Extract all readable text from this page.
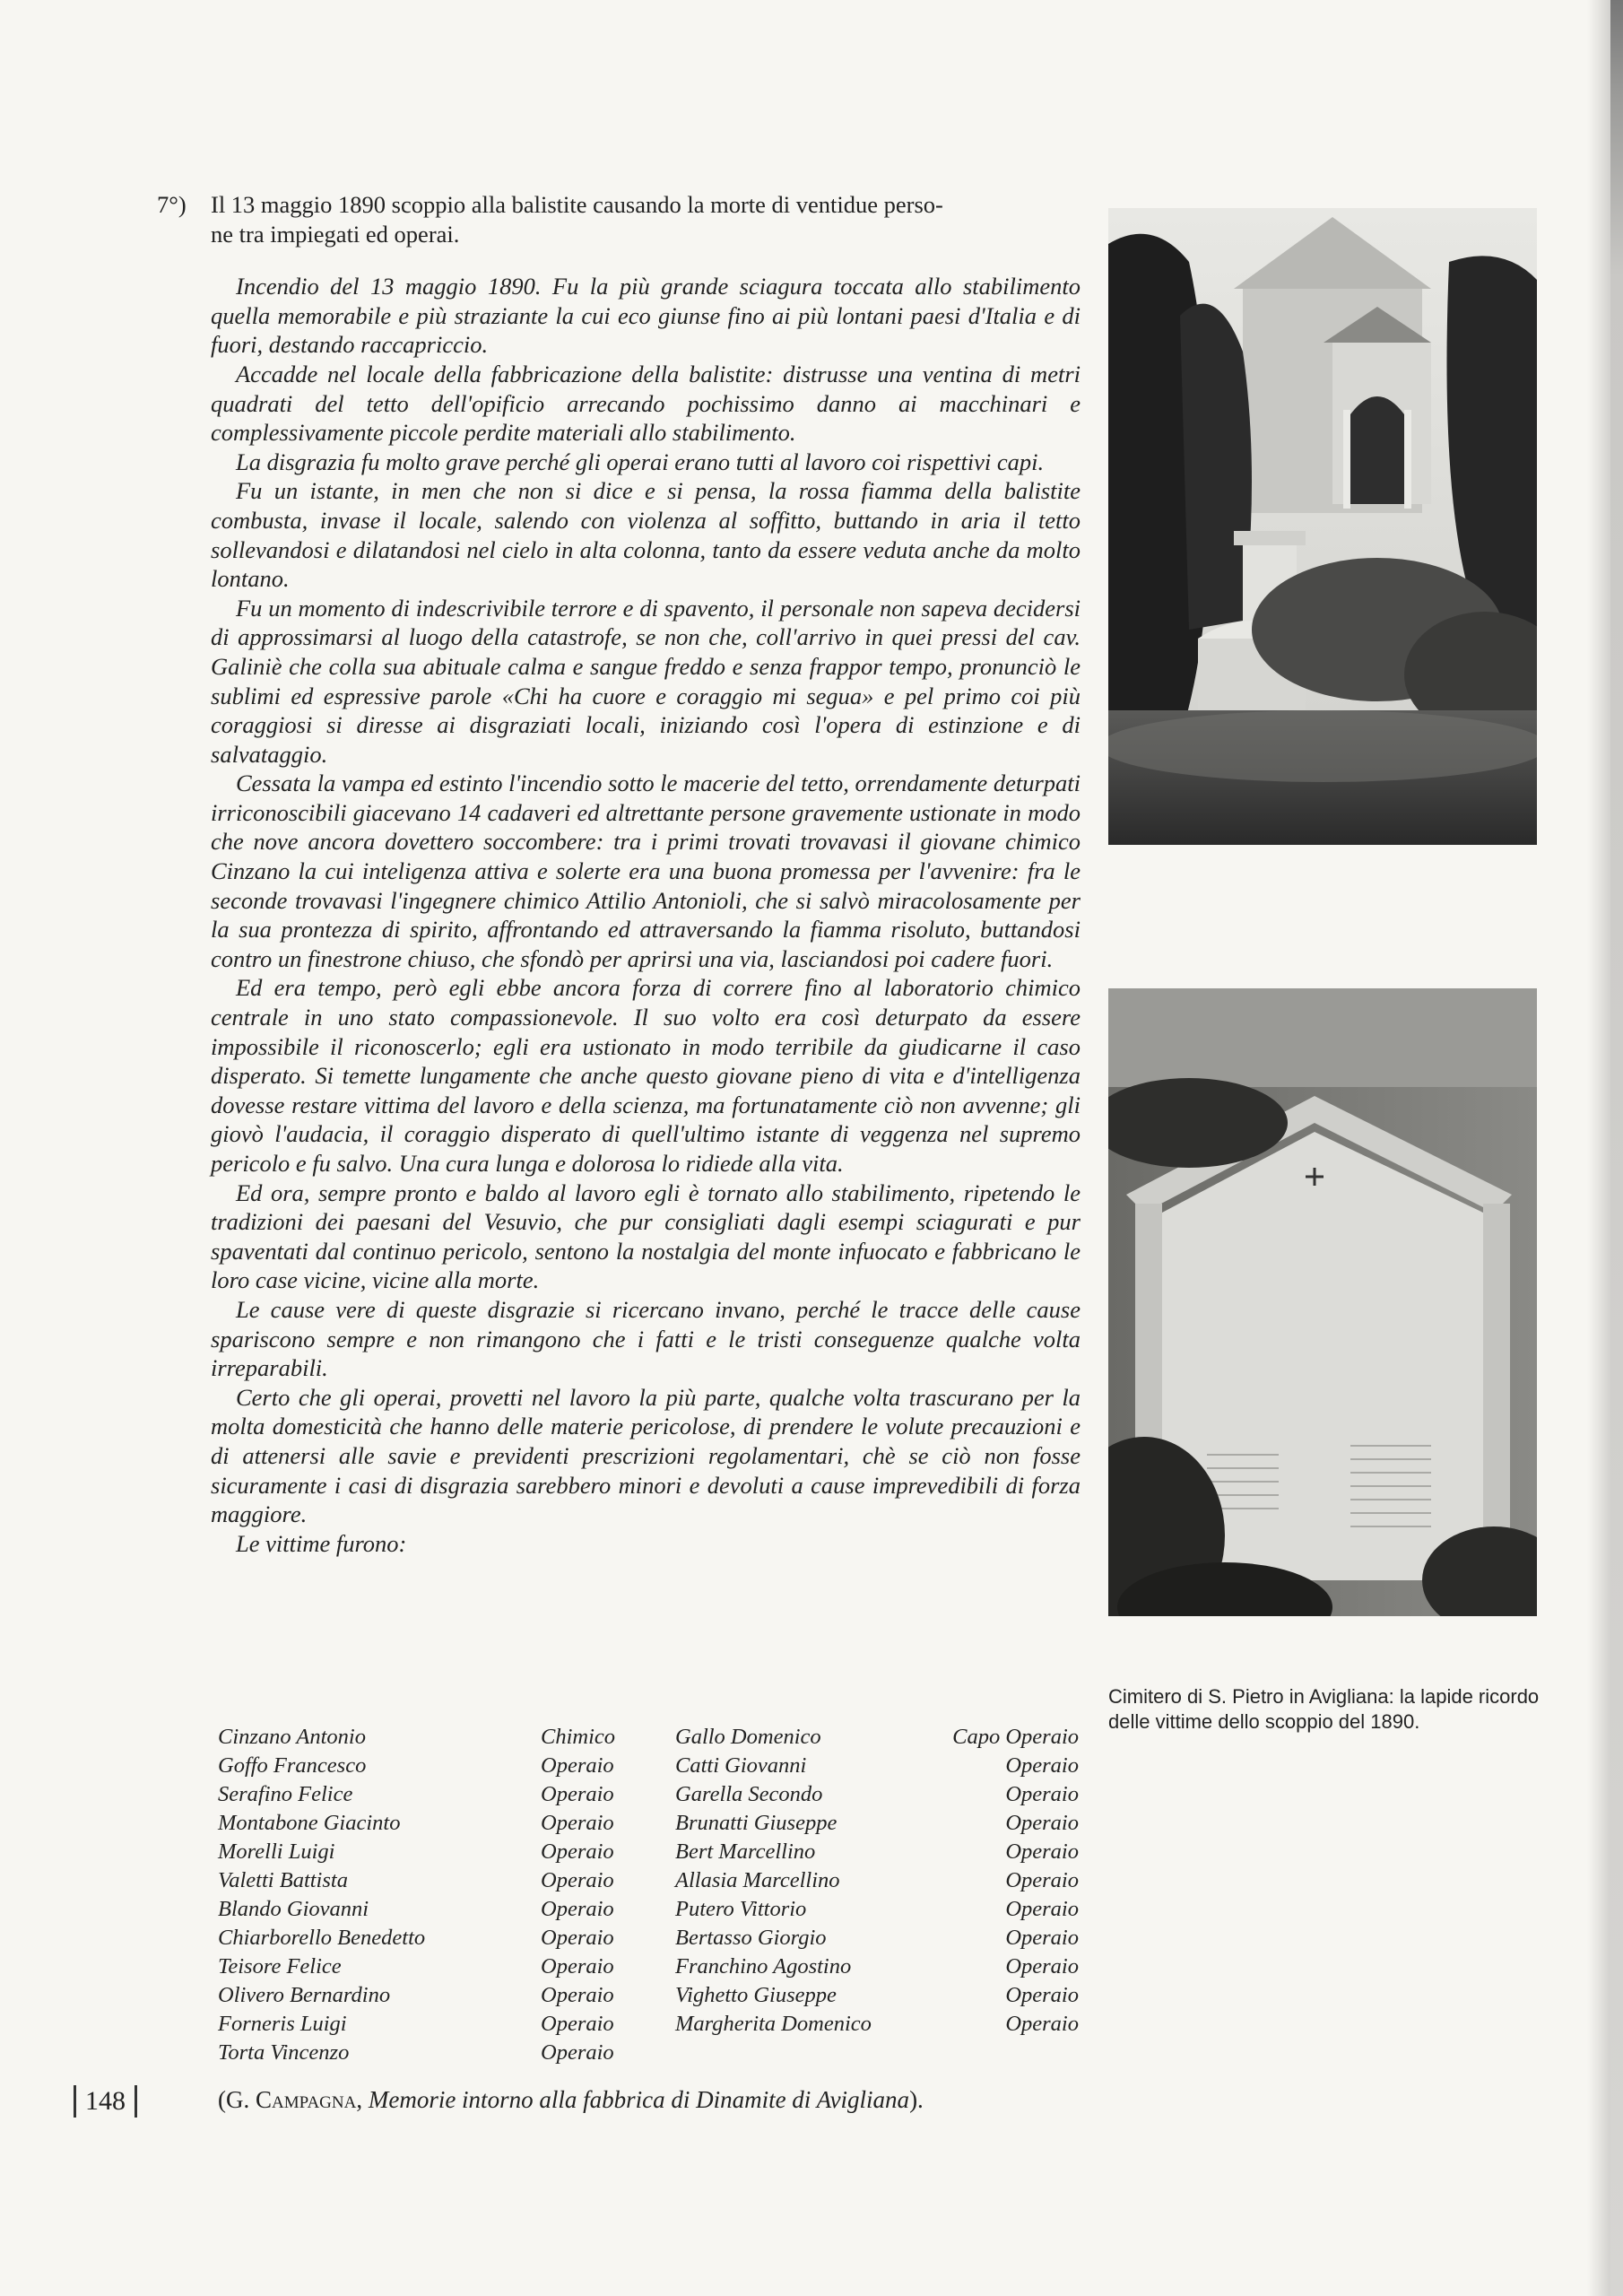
7°) Il 13 maggio 1890 scoppio alla balistite causando la morte di ventidue perso-
ne tra impiegati ed operai.

Incendio del 13 maggio 1890. Fu la più grande sciagura toccata allo stabilimento quella memorabile e più straziante la cui eco giunse fino ai più lontani paesi d'Italia e di fuori, destando raccapriccio.

Accadde nel locale della fabbricazione della balistite: distrusse una ventina di metri quadrati del tetto dell'opificio arrecando pochissimo danno ai macchinari e complessivamente piccole perdite materiali allo stabilimento.

La disgrazia fu molto grave perché gli operai erano tutti al lavoro coi rispettivi capi.

Fu un istante, in men che non si dice e si pensa, la rossa fiamma della balistite combusta, invase il locale, salendo con violenza al soffitto, buttando in aria il tetto sollevandosi e dilatandosi nel cielo in alta colonna, tanto da essere veduta anche da molto lontano.

Fu un momento di indescrivibile terrore e di spavento, il personale non sapeva decidersi di approssimarsi al luogo della catastrofe, se non che, coll'arrivo in quei pressi del cav. Galiniè che colla sua abituale calma e sangue freddo e senza frappor tempo, pronunciò le sublimi ed espressive parole «Chi ha cuore e coraggio mi segua» e pel primo coi più coraggiosi si diresse ai disgraziati locali, iniziando così l'opera di estinzione e di salvataggio.

Cessata la vampa ed estinto l'incendio sotto le macerie del tetto, orrendamente deturpati irriconoscibili giacevano 14 cadaveri ed altrettante persone gravemente ustionate in modo che nove ancora dovettero soccombere: tra i primi trovati trovavasi il giovane chimico Cinzano la cui inteligenza attiva e solerte era una buona promessa per l'avvenire: fra le seconde trovavasi l'ingegnere chimico Attilio Antonioli, che si salvò miracolosamente per la sua prontezza di spirito, affrontando ed attraversando la fiamma risoluto, buttandosi contro un finestrone chiuso, che sfondò per aprirsi una via, lasciandosi poi cadere fuori.

Ed era tempo, però egli ebbe ancora forza di correre fino al laboratorio chimico centrale in uno stato compassionevole. Il suo volto era così deturpato da essere impossibile il riconoscerlo; egli era ustionato in modo terribile da giudicarne il caso disperato. Si temette lungamente che anche questo giovane pieno di vita e d'intelligenza dovesse restare vittima del lavoro e della scienza, ma fortunatamente ciò non avvenne; gli giovò l'audacia, il coraggio disperato di quell'ultimo istante di veggenza nel supremo pericolo e fu salvo. Una cura lunga e dolorosa lo ridiede alla vita.

Ed ora, sempre pronto e baldo al lavoro egli è tornato allo stabilimento, ripetendo le tradizioni dei paesani del Vesuvio, che pur consigliati dagli esempi sciagurati e pur spaventati dal continuo pericolo, sentono la nostalgia del monte infuocato e fabbricano le loro case vicine, vicine alla morte.

Le cause vere di queste disgrazie si ricercano invano, perché le tracce delle cause spariscono sempre e non rimangono che i fatti e le tristi conseguenze qualche volta irreparabili.

Certo che gli operai, provetti nel lavoro la più parte, qualche volta trascurano per la molta domesticità che hanno delle materie pericolose, di prendere le volute precauzioni e di attenersi alle savie e previdenti prescrizioni regolamentari, chè se ciò non fosse sicuramente i casi di disgrazia sarebbero minori e devoluti a cause imprevedibili di forza maggiore.

Le vittime furono:

Cinzano Antonio	Chimico	Gallo Domenico	Capo Operaio
Goffo Francesco	Operaio	Catti Giovanni	Operaio
Serafino Felice	Operaio	Garella Secondo	Operaio
Montabone Giacinto	Operaio	Brunatti Giuseppe	Operaio
Morelli Luigi	Operaio	Bert Marcellino	Operaio
Valetti Battista	Operaio	Allasia Marcellino	Operaio
Blando Giovanni	Operaio	Putero Vittorio	Operaio
Chiarborello Benedetto	Operaio	Bertasso Giorgio	Operaio
Teisore Felice	Operaio	Franchino Agostino	Operaio
Olivero Bernardino	Operaio	Vighetto Giuseppe	Operaio
Forneris Luigi	Operaio	Margherita Domenico	Operaio
Torta Vincenzo	Operaio
148	(G. Campagna, Memorie intorno alla fabbrica di Dinamite di Avigliana).
Cimitero di S. Pietro in Avigliana: la lapide ricordo delle vittime dello scoppio del 1890.
